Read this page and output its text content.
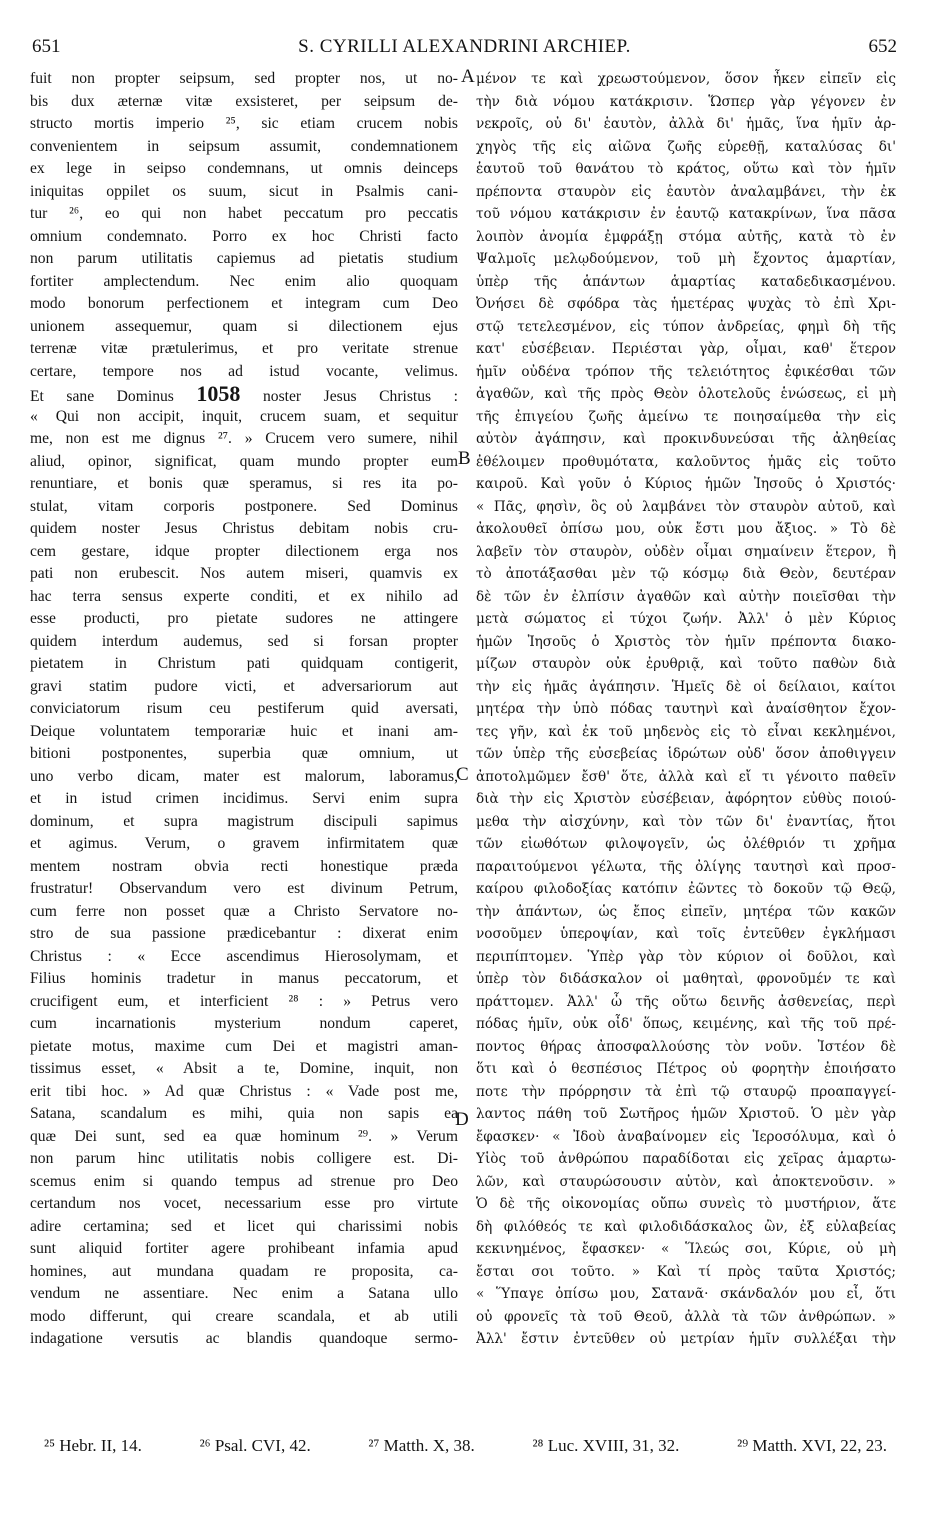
651	S. CYRILLI ALEXANDRINI ARCHIEP.	652
fuit non propter seipsum, sed propter nos, ut no-
bis dux æternæ vitæ exsisteret, per seipsum de-
structo mortis imperio ²⁵, sic etiam crucem nobis
convenientem in seipsum assumit, condemnationem
ex lege in seipso condemnans, ut omnis deinceps
iniquitas oppilet os suum, sicut in Psalmis cani-
tur ²⁶, eo qui non habet peccatum pro peccatis
omnium condemnato. Porro ex hoc Christi facto
non parum utilitatis capiemus ad pietatis studium
fortiter amplectendum. Nec enim alio quoquam
modo bonorum perfectionem et integram cum Deo
unionem assequemur, quam si dilectionem ejus
terrenæ vitæ prætulerimus, et pro veritate strenue
certare, tempore nos ad istud vocante, velimus.
Et sane Dominus 1058 noster Jesus Christus :
« Qui non accipit, inquit, crucem suam, et sequitur
me, non est me dignus ²⁷. » Crucem vero sumere, nihil
aliud, opinor, significat, quam mundo propter eum
renuntiare, et bonis quæ speramus, si res ita po-
stulat, vitam corporis postponere. Sed Dominus
quidem noster Jesus Christus debitam nobis cru-
cem gestare, idque propter dilectionem erga nos
pati non erubescit. Nos autem miseri, quamvis ex
hac terra sensus experte conditi, et ex nihilo ad
esse producti, pro pietate sudores ne attingere
quidem interdum audemus, sed si forsan propter
pietatem in Christum pati quidquam contigerit,
gravi statim pudore victi, et adversariorum aut
conviciatorum risum ceu pestiferum quid aversati,
Deique voluntatem temporariæ huic et inani am-
bitioni postponentes, superbia quæ omnium, ut
uno verbo dicam, mater est malorum, laboramus,
et in istud crimen incidimus. Servi enim supra
dominum, et supra magistrum discipuli sapimus
et agimus. Verum, o gravem infirmitatem quæ
mentem nostram obvia recti honestique præda
frustratur! Observandum vero est divinum Petrum,
cum ferre non posset quæ a Christo Servatore no-
stro de sua passione prædicebantur : dixerat enim
Christus : « Ecce ascendimus Hierosolymam, et
Filius hominis tradetur in manus peccatorum, et
crucifigent eum, et interficient ²⁸ : » Petrus vero
cum incarnationis mysterium nondum caperet,
pietate motus, maxime cum Dei et magistri aman-
tissimus esset, « Absit a te, Domine, inquit, non
erit tibi hoc. » Ad quæ Christus : « Vade post me,
Satana, scandalum es mihi, quia non sapis ea
quæ Dei sunt, sed ea quæ hominum ²⁹. » Verum
non parum hinc utilitatis nobis colligere est. Di-
scemus enim si quando tempus ad strenue pro Deo
certandum nos vocet, necessarium esse pro virtute
adire certamina; sed et licet qui charissimi nobis
sunt aliquid fortiter agere prohibeant infamia apud
homines, aut mundana quadam re proposita, ca-
vendum ne assentiare. Nec enim a Satana ullo
modo differunt, qui creare scandala, et ab utili
indagatione versutis ac blandis quandoque sermo-
μένον τε καὶ χρεωστούμενον, ὅσον ἦκεν εἰπεῖν εἰς
τὴν διὰ νόμου κατάκρισιν. Ὥσπερ γὰρ γέγονεν ἐν
νεκροῖς, οὐ δι' ἑαυτὸν, ἀλλὰ δι' ἡμᾶς, ἵνα ἡμῖν ἀρ-
χηγὸς τῆς εἰς αἰῶνα ζωῆς εὑρεθῇ, καταλύσας δι'
ἑαυτοῦ τοῦ θανάτου τὸ κράτος, οὕτω καὶ τὸν ἡμῖν
πρέποντα σταυρὸν εἰς ἑαυτὸν ἀναλαμβάνει, τὴν ἐκ
τοῦ νόμου κατάκρισιν ἐν ἑαυτῷ κατακρίνων, ἵνα πᾶσα
λοιπὸν ἀνομία ἐμφράξῃ στόμα αὐτῆς, κατὰ τὸ ἐν
Ψαλμοῖς μελῳδούμενον, τοῦ μὴ ἔχοντος ἁμαρτίαν,
ὑπὲρ τῆς ἁπάντων ἁμαρτίας καταδεδικασμένου.
Ὀνήσει δὲ σφόδρα τὰς ἡμετέρας ψυχὰς τὸ ἐπὶ Χρι-
στῷ τετελεσμένον, εἰς τύπον ἀνδρείας, φημὶ δὴ τῆς
κατ' εὐσέβειαν. Περιέσται γὰρ, οἶμαι, καθ' ἕτερον
ἡμῖν οὐδένα τρόπον τῆς τελειότητος ἐφικέσθαι τῶν
ἀγαθῶν, καὶ τῆς πρὸς Θεὸν ὁλοτελοῦς ἑνώσεως, εἰ μὴ
τῆς ἐπιγείου ζωῆς ἀμείνω τε ποιησαίμεθα τὴν εἰς
αὐτὸν ἀγάπησιν, καὶ προκινδυνεύσαι τῆς ἀληθείας
ἐθέλοιμεν προθυμότατα, καλοῦντος ἡμᾶς εἰς τοῦτο
καιροῦ. Καὶ γοῦν ὁ Κύριος ἡμῶν Ἰησοῦς ὁ Χριστός·
« Πᾶς, φησὶν, ὃς οὐ λαμβάνει τὸν σταυρὸν αὐτοῦ, καὶ
ἀκολουθεῖ ὀπίσω μου, οὐκ ἔστι μου ἄξιος. » Τὸ δὲ
λαβεῖν τὸν σταυρὸν, οὐδὲν οἶμαι σημαίνειν ἕτερον, ἢ
τὸ ἀποτάξασθαι μὲν τῷ κόσμῳ διὰ Θεὸν, δευτέραν
δὲ τῶν ἐν ἐλπίσιν ἀγαθῶν καὶ αὐτὴν ποιεῖσθαι τὴν
μετὰ σώματος εἰ τύχοι ζωήν. Ἀλλ' ὁ μὲν Κύριος
ἡμῶν Ἰησοῦς ὁ Χριστὸς τὸν ἡμῖν πρέποντα διακο-
μίζων σταυρὸν οὐκ ἐρυθριᾷ, καὶ τοῦτο παθὼν διὰ
τὴν εἰς ἡμᾶς ἀγάπησιν. Ἡμεῖς δὲ οἱ δείλαιοι, καίτοι
μητέρα τὴν ὑπὸ πόδας ταυτηνὶ καὶ ἀναίσθητον ἔχον-
τες γῆν, καὶ ἐκ τοῦ μηδενὸς εἰς τὸ εἶναι κεκλημένοι,
τῶν ὑπὲρ τῆς εὐσεβείας ἱδρώτων οὐδ' ὅσον ἀποθιγγειν
ἀποτολμῶμεν ἔσθ' ὅτε, ἀλλὰ καὶ εἴ τι γένοιτο παθεῖν
διὰ τὴν εἰς Χριστὸν εὐσέβειαν, ἀφόρητον εὐθὺς ποιού-
μεθα τὴν αἰσχύνην, καὶ τὸν τῶν δι' ἐναντίας, ἤτοι
τῶν εἰωθότων φιλοψογεῖν, ὡς ὀλέθριόν τι χρῆμα
παραιτούμενοι γέλωτα, τῆς ὀλίγης ταυτησὶ καὶ προσ-
καίρου φιλοδοξίας κατόπιν ἐῶντες τὸ δοκοῦν τῷ Θεῷ,
τὴν ἁπάντων, ὡς ἔπος εἰπεῖν, μητέρα τῶν κακῶν
νοσοῦμεν ὑπεροψίαν, καὶ τοῖς ἐντεῦθεν ἐγκλήμασι
περιπίπτομεν. Ὑπὲρ γὰρ τὸν κύριον οἱ δοῦλοι, καὶ
ὑπὲρ τὸν διδάσκαλον οἱ μαθηταὶ, φρονοῦμέν τε καὶ
πράττομεν. Ἀλλ' ὦ τῆς οὕτω δεινῆς ἀσθενείας, περὶ
πόδας ἡμῖν, οὐκ οἶδ' ὅπως, κειμένης, καὶ τῆς τοῦ πρέ-
ποντος θήρας ἀποσφαλλούσης τὸν νοῦν. Ἰστέον δὲ
ὅτι καὶ ὁ θεσπέσιος Πέτρος οὐ φορητὴν ἐποιήσατο
ποτε τὴν πρόρρησιν τὰ ἐπὶ τῷ σταυρῷ προαπαγγεί-
λαντος πάθη τοῦ Σωτῆρος ἡμῶν Χριστοῦ. Ὁ μὲν γὰρ
ἔφασκεν· « Ἰδοὺ ἀναβαίνομεν εἰς Ἱεροσόλυμα, καὶ ὁ
Υἱὸς τοῦ ἀνθρώπου παραδίδοται εἰς χεῖρας ἁμαρτω-
λῶν, καὶ σταυρώσουσιν αὐτὸν, καὶ ἀποκτενοῦσιν. »
Ὁ δὲ τῆς οἰκονομίας οὔπω συνεὶς τὸ μυστήριον, ἅτε
δὴ φιλόθεός τε καὶ φιλοδιδάσκαλος ὢν, ἐξ εὐλαβείας
κεκινημένος, ἔφασκεν· « Ἵλεώς σοι, Κύριε, οὐ μὴ
ἔσται σοι τοῦτο. » Καὶ τί πρὸς ταῦτα Χριστός;
« Ὕπαγε ὀπίσω μου, Σατανᾶ· σκάνδαλόν μου εἶ, ὅτι
οὐ φρονεῖς τὰ τοῦ Θεοῦ, ἀλλὰ τὰ τῶν ἀνθρώπων. »
Ἀλλ' ἔστιν ἐντεῦθεν οὐ μετρίαν ἡμῖν συλλέξαι τὴν
A
B
C
D
²⁵ Hebr. II, 14.	²⁶ Psal. CVI, 42.	²⁷ Matth. X, 38.	²⁸ Luc. XVIII, 31, 32.	²⁹ Matth. XVI, 22, 23.
